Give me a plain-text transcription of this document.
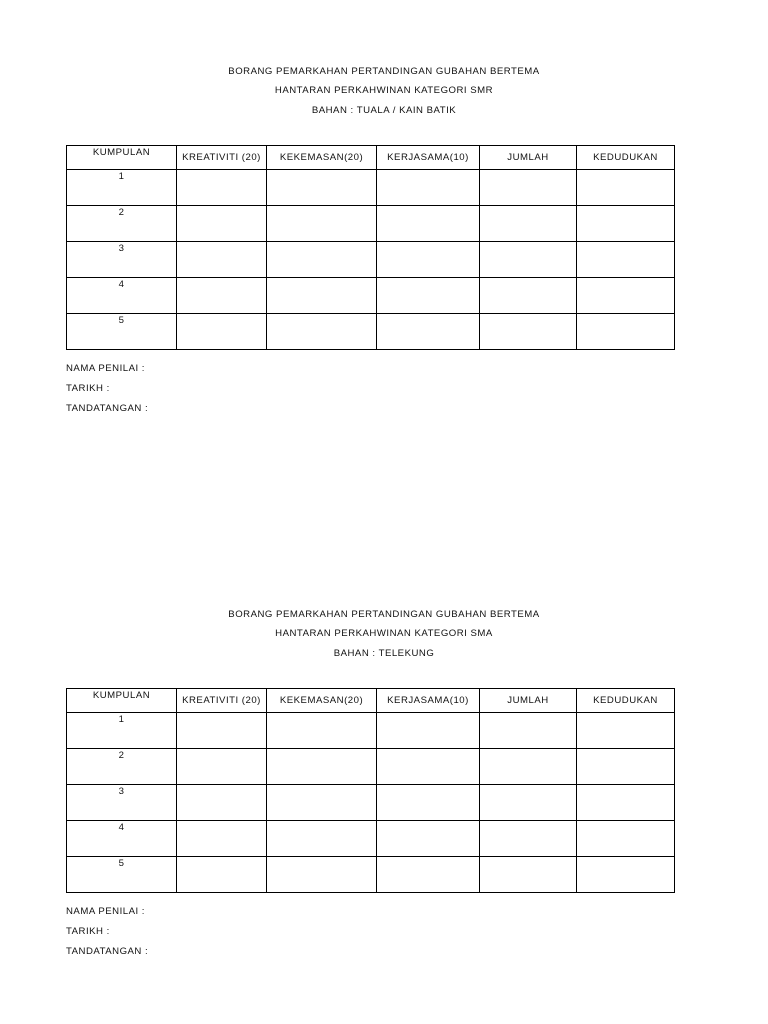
BORANG PEMARKAHAN PERTANDINGAN GUBAHAN BERTEMA
HANTARAN PERKAHWINAN KATEGORI SMR
BAHAN : TUALA / KAIN BATIK
KUMPULAN	KREATIVITI (20)	KEKEMASAN(20)	KERJASAMA(10)	JUMLAH	KEDUDUKAN
1					
2					
3					
4					
5					
NAMA PENILAI :
TARIKH :
TANDATANGAN :
BORANG PEMARKAHAN PERTANDINGAN GUBAHAN BERTEMA
HANTARAN PERKAHWINAN KATEGORI SMA
BAHAN : TELEKUNG
KUMPULAN	KREATIVITI (20)	KEKEMASAN(20)	KERJASAMA(10)	JUMLAH	KEDUDUKAN
1					
2					
3					
4					
5					
NAMA PENILAI :
TARIKH :
TANDATANGAN :
